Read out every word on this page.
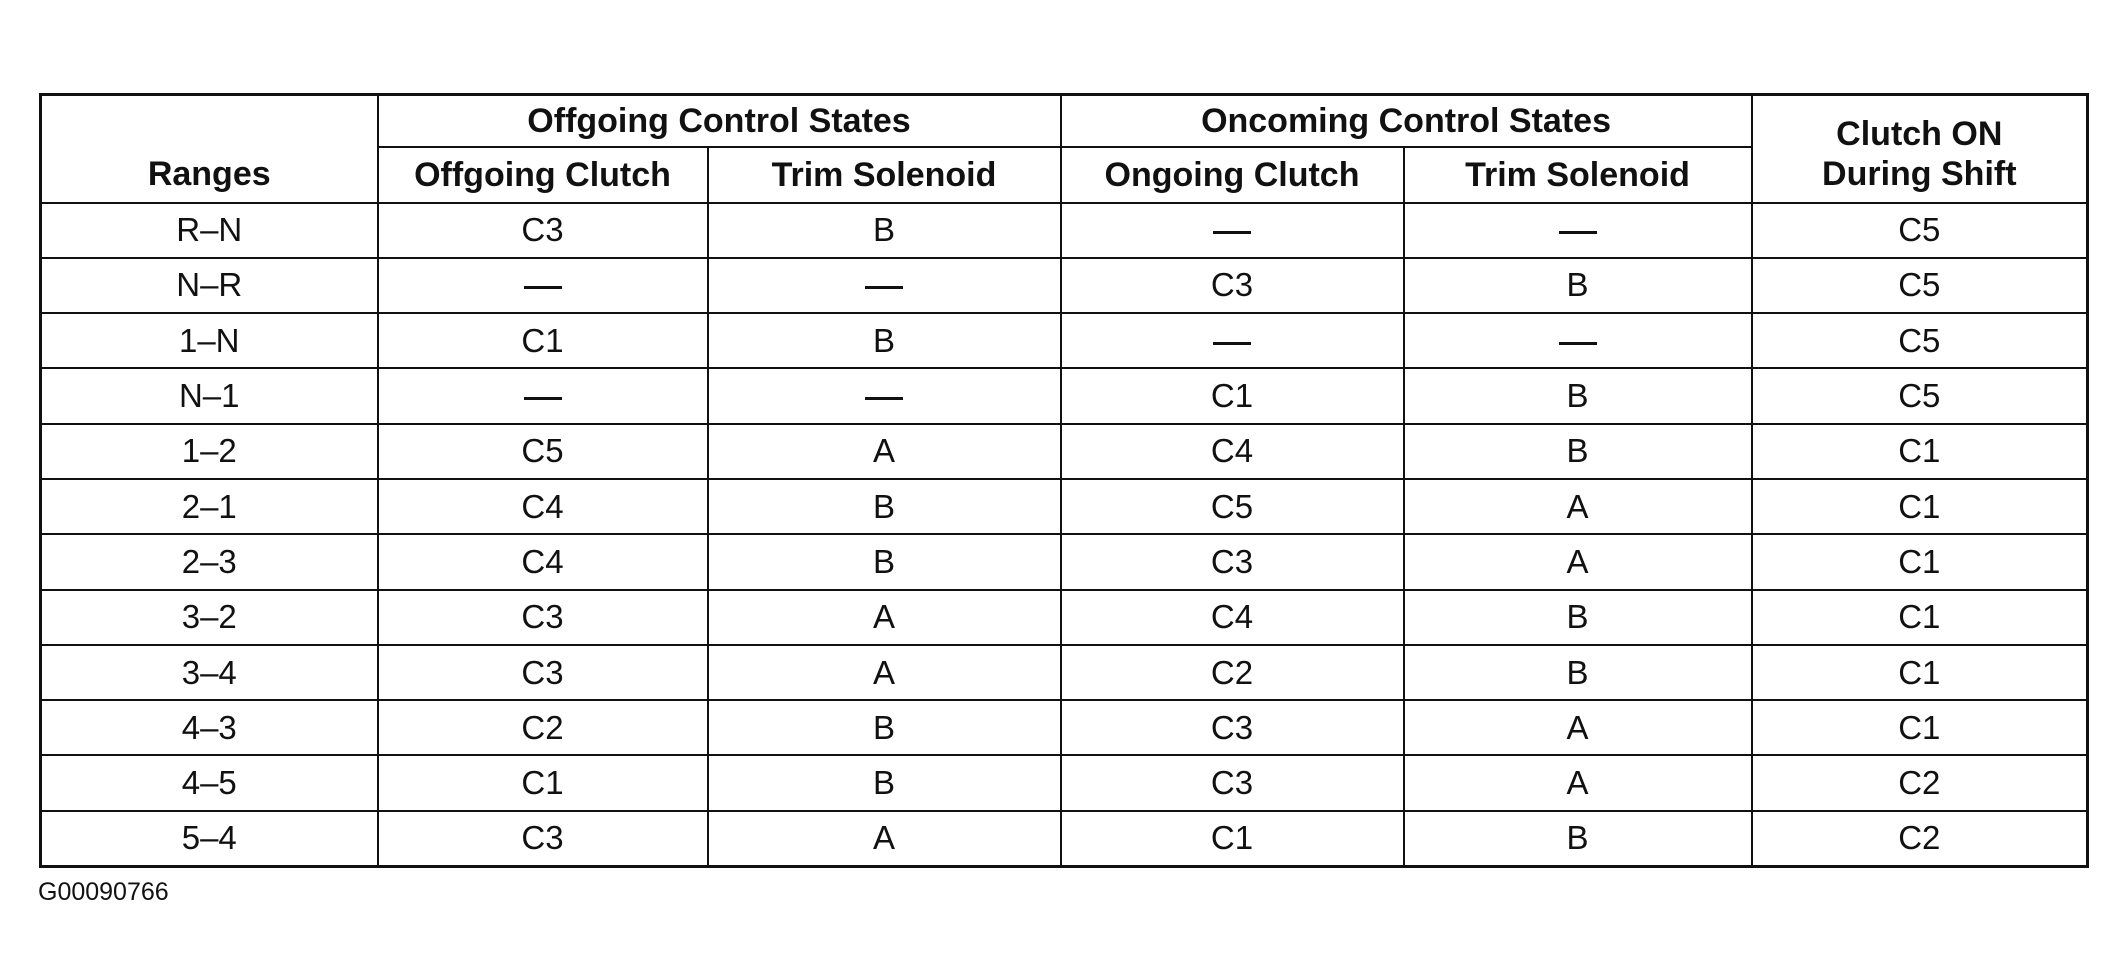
Ranges	Offgoing Control States		Oncoming Control States		Clutch ON
During Shift
	Offgoing Clutch	Trim Solenoid	Ongoing Clutch	Trim Solenoid	
R–N	C3	B			C5
N–R			C3	B	C5
1–N	C1	B			C5
N–1			C1	B	C5
1–2	C5	A	C4	B	C1
2–1	C4	B	C5	A	C1
2–3	C4	B	C3	A	C1
3–2	C3	A	C4	B	C1
3–4	C3	A	C2	B	C1
4–3	C2	B	C3	A	C1
4–5	C1	B	C3	A	C2
5–4	C3	A	C1	B	C2
G00090766
